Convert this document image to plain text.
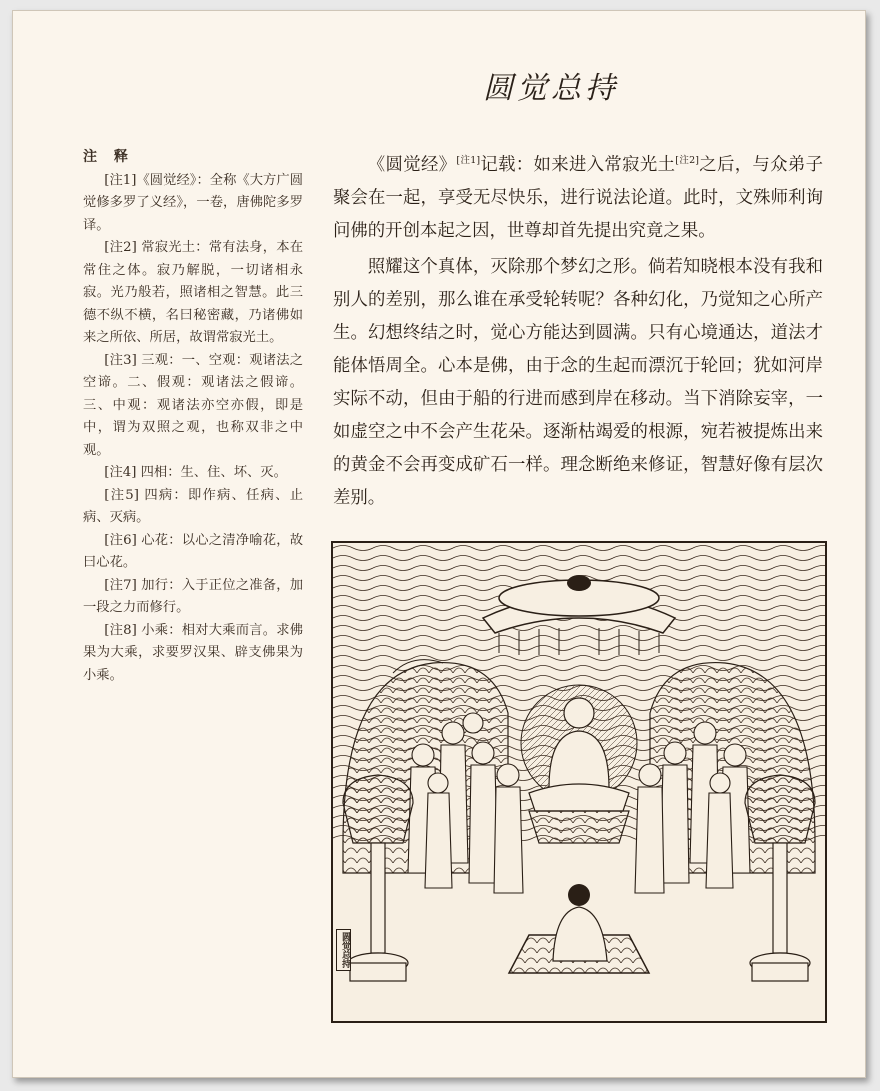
圆觉总持
注 释
[注1]《圆觉经》：全称《大方广圆觉修多罗了义经》，一卷，唐佛陀多罗译。
[注2] 常寂光土：常有法身，本在常住之体。寂乃解脱，一切诸相永寂。光乃般若，照诸相之智慧。此三德不纵不横，名曰秘密藏，乃诸佛如来之所依、所居，故谓常寂光土。
[注3] 三观：一、空观：观诸法之空谛。二、假观：观诸法之假谛。三、中观：观诸法亦空亦假，即是中，谓为双照之观，也称双非之中观。
[注4] 四相：生、住、坏、灭。
[注5] 四病：即作病、任病、止病、灭病。
[注6] 心花：以心之清净喻花，故曰心花。
[注7] 加行：入于正位之准备，加一段之力而修行。
[注8] 小乘：相对大乘而言。求佛果为大乘，求要罗汉果、辟支佛果为小乘。

《圆觉经》[注1]记载：如来进入常寂光土[注2]之后，与众弟子聚会在一起，享受无尽快乐，进行说法论道。此时，文殊师利询问佛的开创本起之因，世尊却首先提出究竟之果。

照耀这个真体，灭除那个梦幻之形。倘若知晓根本没有我和别人的差别，那么谁在承受轮转呢？各种幻化，乃觉知之心所产生。幻想终结之时，觉心方能达到圆满。只有心境通达，道法才能体悟周全。心本是佛，由于念的生起而漂沉于轮回；犹如河岸实际不动，但由于船的行进而感到岸在移动。当下消除妄宰，一如虚空之中不会产生花朵。逐渐枯竭爱的根源，宛若被提炼出来的黄金不会再变成矿石一样。理念断绝来修证，智慧好像有层次差别。

圆觉总持
